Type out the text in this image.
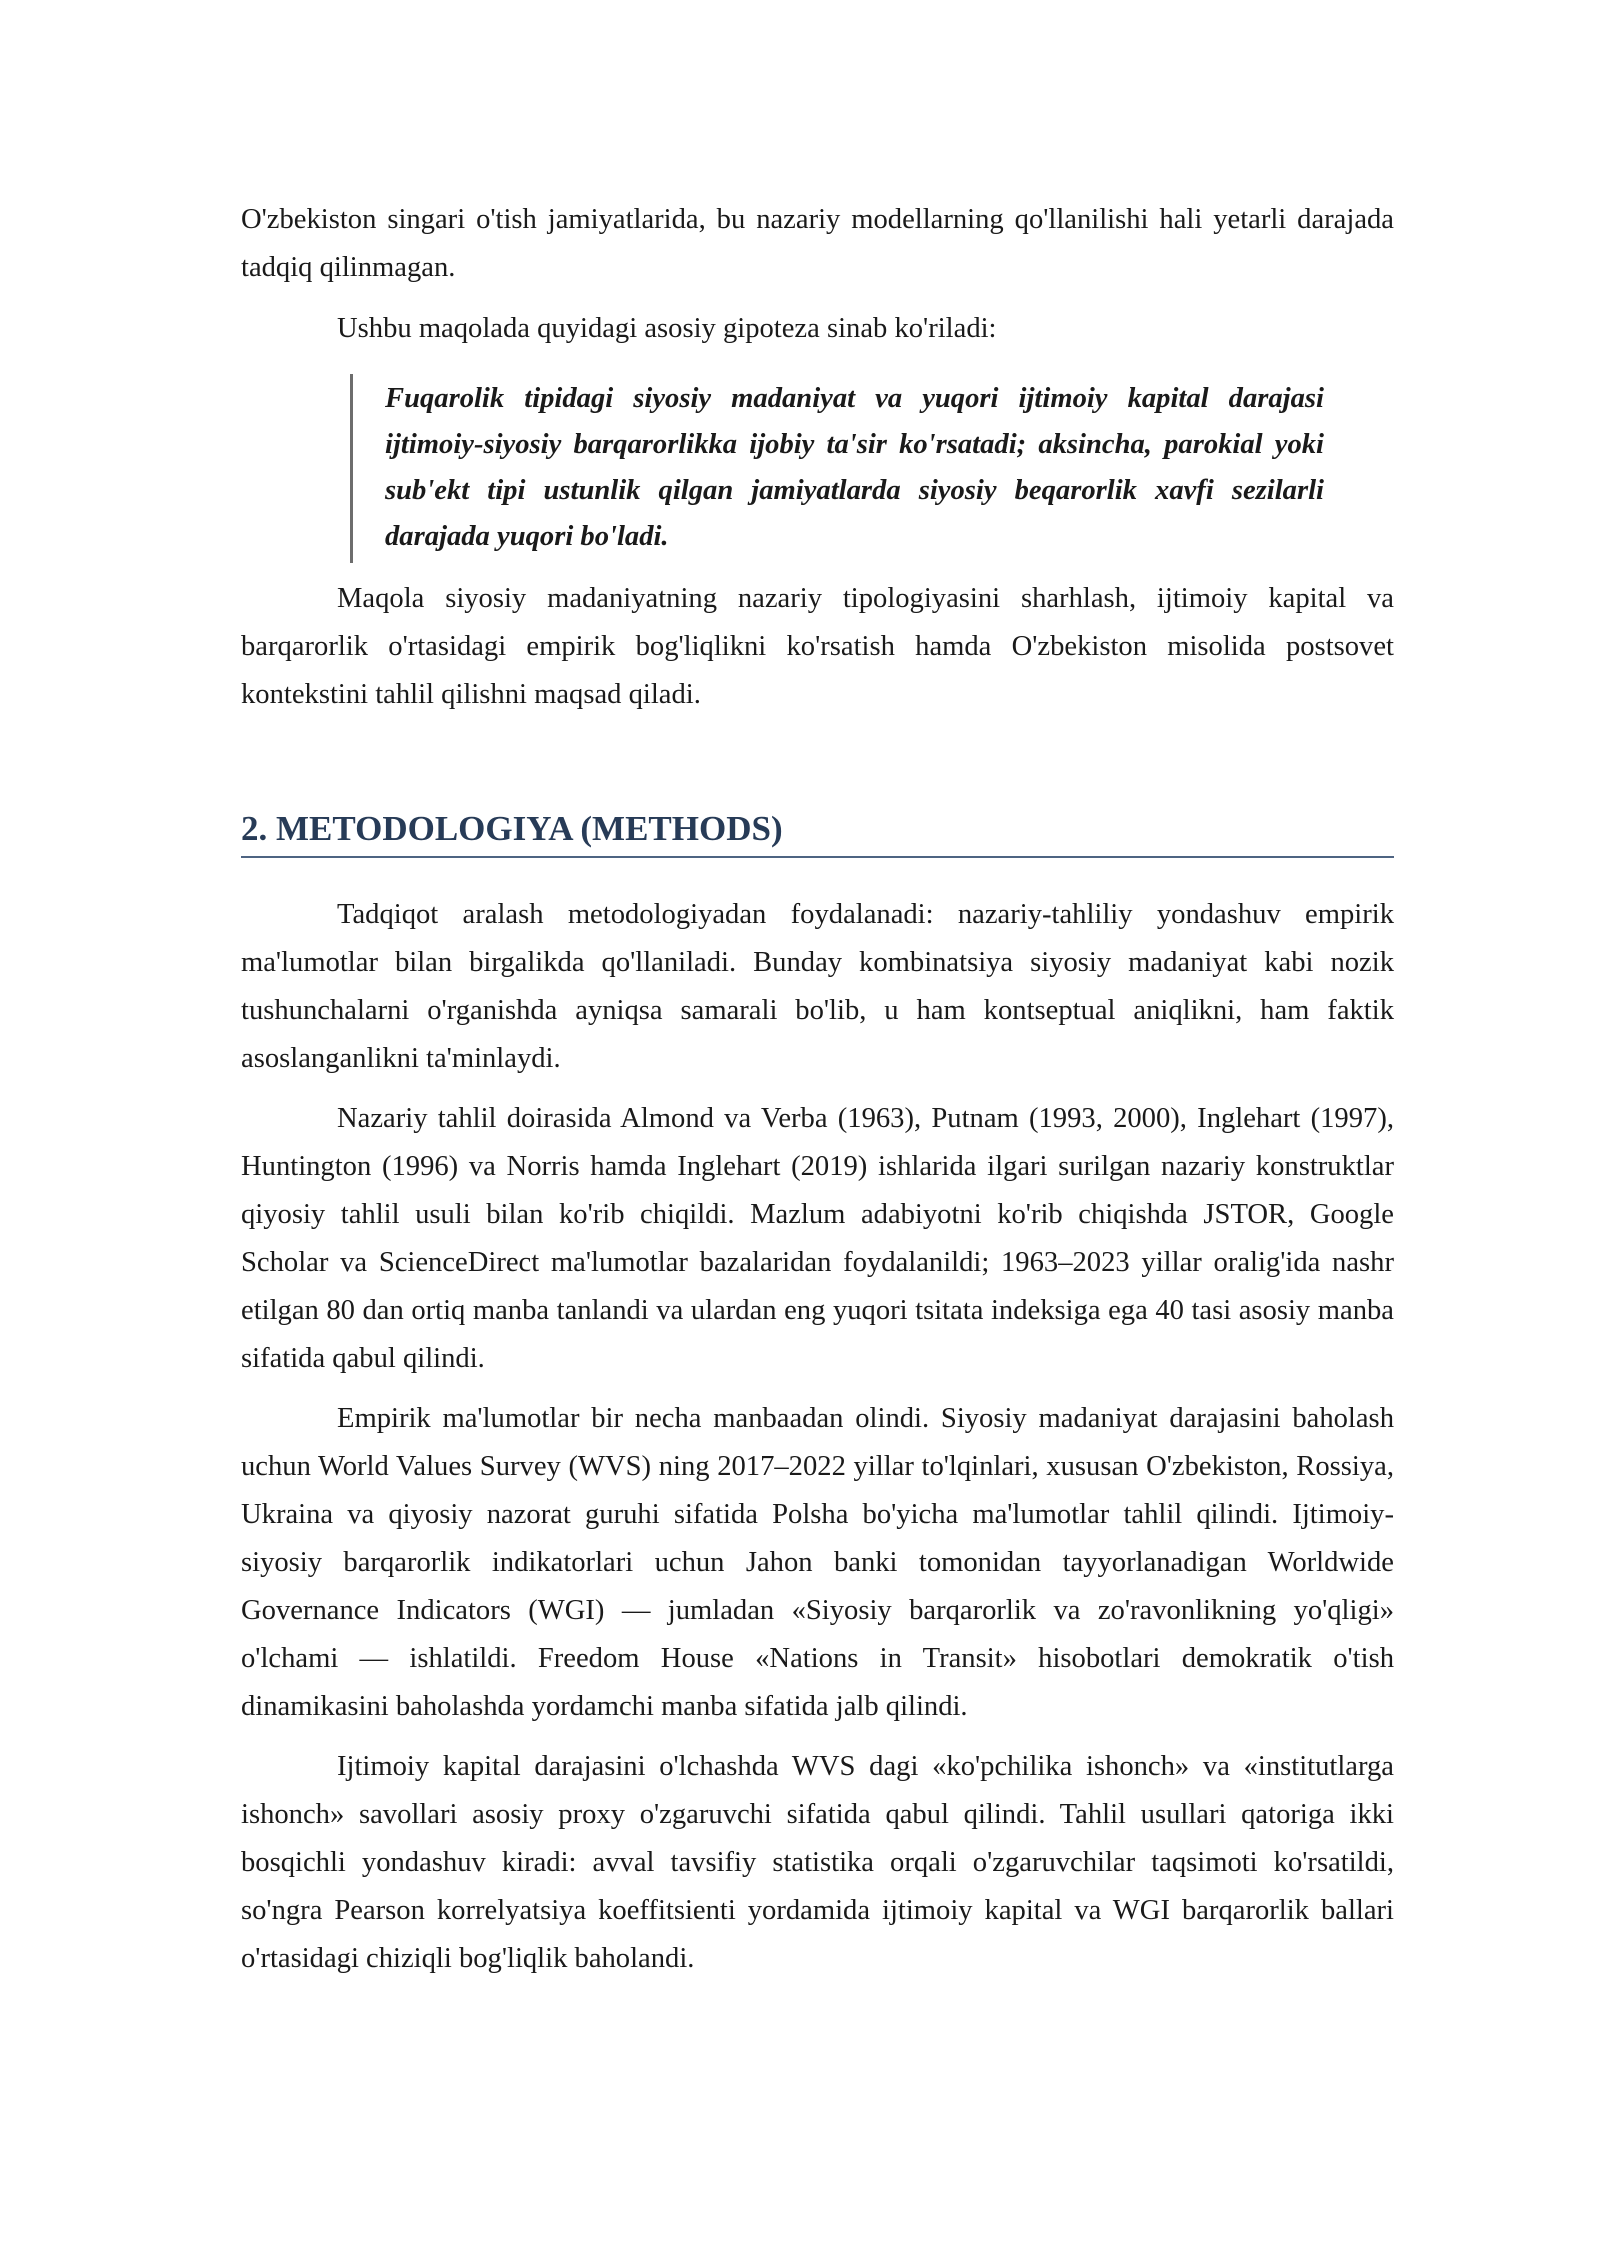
O'zbekiston singari o'tish jamiyatlarida, bu nazariy modellarning qo'llanilishi hali yetarli darajada tadqiq qilinmagan.

Ushbu maqolada quyidagi asosiy gipoteza sinab ko'riladi:

Fuqarolik tipidagi siyosiy madaniyat va yuqori ijtimoiy kapital darajasi ijtimoiy-siyosiy barqarorlikka ijobiy ta'sir ko'rsatadi; aksincha, parokial yoki sub'ekt tipi ustunlik qilgan jamiyatlarda siyosiy beqarorlik xavfi sezilarli darajada yuqori bo'ladi.

Maqola siyosiy madaniyatning nazariy tipologiyasini sharhlash, ijtimoiy kapital va barqarorlik o'rtasidagi empirik bog'liqlikni ko'rsatish hamda O'zbekiston misolida postsovet kontekstini tahlil qilishni maqsad qiladi.

2. METODOLOGIYA (METHODS)

Tadqiqot aralash metodologiyadan foydalanadi: nazariy-tahliliy yondashuv empirik ma'lumotlar bilan birgalikda qo'llaniladi. Bunday kombinatsiya siyosiy madaniyat kabi nozik tushunchalarni o'rganishda ayniqsa samarali bo'lib, u ham kontseptual aniqlikni, ham faktik asoslanganlikni ta'minlaydi.

Nazariy tahlil doirasida Almond va Verba (1963), Putnam (1993, 2000), Inglehart (1997), Huntington (1996) va Norris hamda Inglehart (2019) ishlarida ilgari surilgan nazariy konstruktlar qiyosiy tahlil usuli bilan ko'rib chiqildi. Mazlum adabiyotni ko'rib chiqishda JSTOR, Google Scholar va ScienceDirect ma'lumotlar bazalaridan foydalanildi; 1963–2023 yillar oralig'ida nashr etilgan 80 dan ortiq manba tanlandi va ulardan eng yuqori tsitata indeksiga ega 40 tasi asosiy manba sifatida qabul qilindi.

Empirik ma'lumotlar bir necha manbaadan olindi. Siyosiy madaniyat darajasini baholash uchun World Values Survey (WVS) ning 2017–2022 yillar to'lqinlari, xususan O'zbekiston, Rossiya, Ukraina va qiyosiy nazorat guruhi sifatida Polsha bo'yicha ma'lumotlar tahlil qilindi. Ijtimoiy-siyosiy barqarorlik indikatorlari uchun Jahon banki tomonidan tayyorlanadigan Worldwide Governance Indicators (WGI) — jumladan «Siyosiy barqarorlik va zo'ravonlikning yo'qligi» o'lchami — ishlatildi. Freedom House «Nations in Transit» hisobotlari demokratik o'tish dinamikasini baholashda yordamchi manba sifatida jalb qilindi.

Ijtimoiy kapital darajasini o'lchashda WVS dagi «ko'pchilika ishonch» va «institutlarga ishonch» savollari asosiy proxy o'zgaruvchi sifatida qabul qilindi. Tahlil usullari qatoriga ikki bosqichli yondashuv kiradi: avval tavsifiy statistika orqali o'zgaruvchilar taqsimoti ko'rsatildi, so'ngra Pearson korrelyatsiya koeffitsienti yordamida ijtimoiy kapital va WGI barqarorlik ballari o'rtasidagi chiziqli bog'liqlik baholandi.
